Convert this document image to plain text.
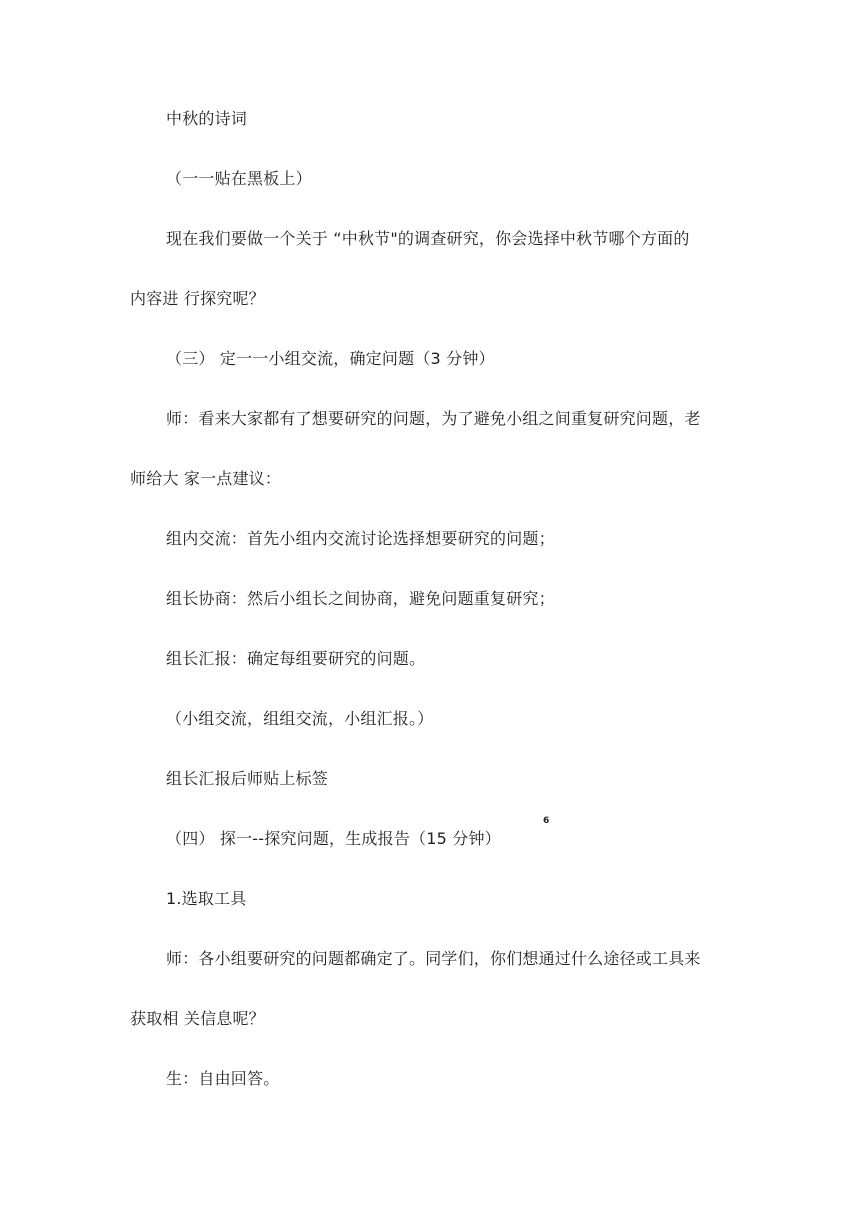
中秋的诗词
（一一贴在黑板上）
现在我们要做一个关于 “中秋节"的调查研究，你会选择中秋节哪个方面的
内容进 行探究呢？
（三） 定一一小组交流，确定问题（3 分钟）
师：看来大家都有了想要研究的问题，为了避免小组之间重复研究问题，老
师给大 家一点建议：
组内交流：首先小组内交流讨论选择想要研究的问题；
组长协商：然后小组长之间协商，避免问题重复研究；
组长汇报：确定每组要研究的问题。
（小组交流，组组交流，小组汇报。）
组长汇报后师贴上标签
（四） 探一--探究问题，生成报告（15 分钟）
6
1.选取工具
师：各小组要研究的问题都确定了。同学们，你们想通过什么途径或工具来
获取相 关信息呢？
生：自由回答。
